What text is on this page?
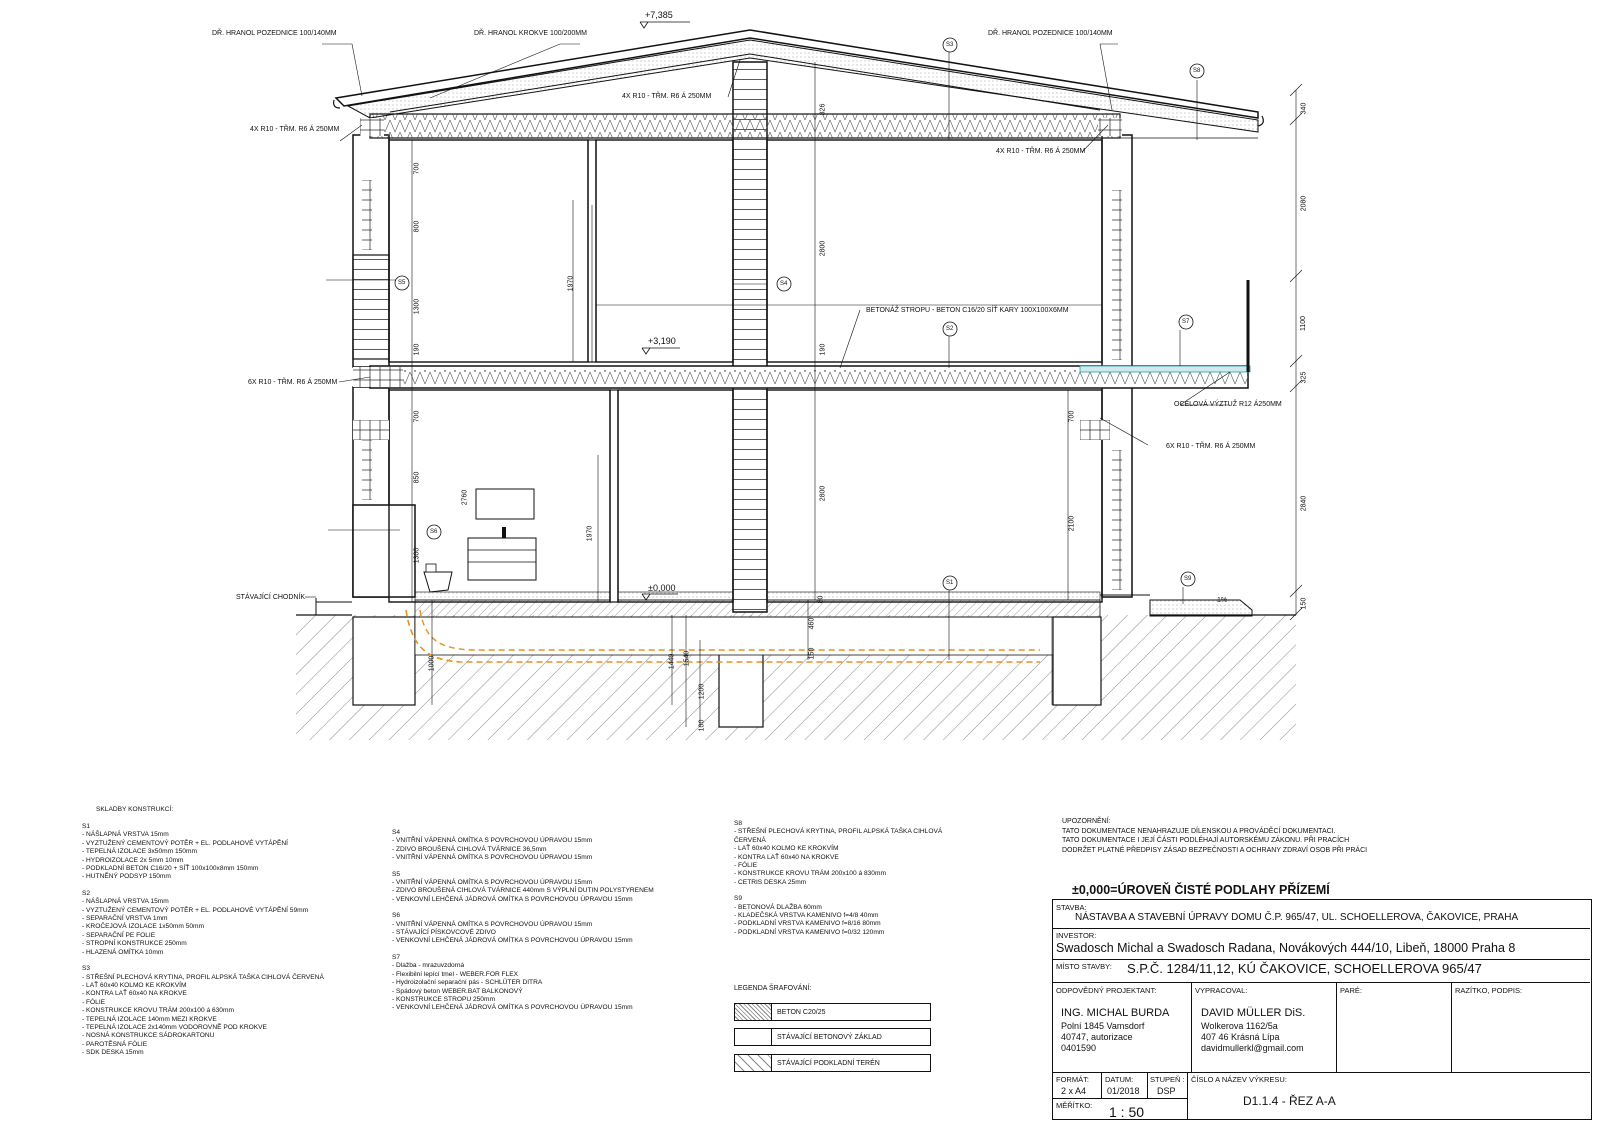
+7,385
+3,190
±0,000
DŘ. HRANOL POZEDNICE 100/140MM	DŘ. HRANOL KROKVE 100/200MM	DŘ. HRANOL POZEDNICE 100/140MM
4X R10 - TŘM. R6 Á 250MM
4X R10 - TŘM. R6 Á 250MM
4X R10 - TŘM. R6 Á 250MM
6X R10 - TŘM. R6 Á 250MM
6X R10 - TŘM. R6 Á 250MM
BETONÁŽ STROPU - BETON C16/20 SÍŤ KARY 100X100X6MM
OCELOVÁ VÝZTUŽ R12 Á250MM
STÁVAJÍCÍ CHODNÍK	1%
S3
S8
S4
S5
S7
S2
S6
S1
S9
340
2080
1100
325
2840
150
326
2800
190
2800
80
700
800
1300
190
1970
700
850
2760
1300
1970
700
2100
1000	1440 1540
1200
100
150
460
SKLADBY KONSTRUKCÍ:
S1
- NÁŠLAPNÁ VRSTVA 15mm
- VYZTUŽENÝ CEMENTOVÝ POTĚR + EL. PODLAHOVÉ VYTÁPĚNÍ
- TEPELNÁ IZOLACE 3x50mm 150mm
- HYDROIZOLACE 2x 5mm 10mm
- PODKLADNÍ BETON C16/20 + SÍŤ 100x100x8mm 150mm
- HUTNĚNÝ PODSYP 150mm
S2
- NÁŠLAPNÁ VRSTVA 15mm
- VYZTUŽENÝ CEMENTOVÝ POTĚR + EL. PODLAHOVÉ VYTÁPĚNÍ 59mm
- SEPARAČNÍ VRSTVA 1mm
- KROČEJOVÁ IZOLACE 1x50mm 50mm
- SEPARAČNÍ PE FOLIE
- STROPNÍ KONSTRUKCE 250mm
- HLAZENÁ OMÍTKA 10mm
S3
- STŘEŠNÍ PLECHOVÁ KRYTINA, PROFIL ALPSKÁ TAŠKA CIHLOVÁ ČERVENÁ
- LAŤ 60x40 KOLMO KE KROKVÍM
- KONTRA LAŤ 60x40 NA KROKVE
- FÓLIE
- KONSTRUKCE KROVU TRÁM 200x100 á 630mm
- TEPELNÁ IZOLACE 140mm MEZI KROKVE
- TEPELNÁ IZOLACE 2x140mm VODOROVNĚ POD KROKVE
- NOSNÁ KONSTRUKCE SÁDROKARTONU
- PAROTĚSNÁ FÓLIE
- SDK DESKA 15mm
S4
- VNITŘNÍ VÁPENNÁ OMÍTKA S POVRCHOVOU ÚPRAVOU 15mm
- ZDIVO BROUŠENÁ CIHLOVÁ TVÁRNICE 36,5mm
- VNITŘNÍ VÁPENNÁ OMÍTKA S POVRCHOVOU ÚPRAVOU 15mm
S5
- VNITŘNÍ VÁPENNÁ OMÍTKA S POVRCHOVOU ÚPRAVOU 15mm
- ZDIVO BROUŠENÁ CIHLOVÁ TVÁRNICE 440mm S VÝPLNÍ DUTIN POLYSTYRENEM
- VENKOVNÍ LEHČENÁ JÁDROVÁ OMÍTKA S POVRCHOVOU ÚPRAVOU 15mm
S6
- VNITŘNÍ VÁPENNÁ OMÍTKA S POVRCHOVOU ÚPRAVOU 15mm
- STÁVAJÍCÍ PÍSKOVCOVÉ ZDIVO
- VENKOVNÍ LEHČENÁ JÁDROVÁ OMÍTKA S POVRCHOVOU ÚPRAVOU 15mm
S7
- Dlažba - mrazuvzdorná
- Flexibilní lepící tmel - WEBER.FOR FLEX
- Hydroizolační separační pás - SCHLÜTER DITRA
- Spádový beton WEBER.BAT BALKONOVÝ
- KONSTRUKCE STROPU 250mm
- VENKOVNÍ LEHČENÁ JÁDROVÁ OMÍTKA S POVRCHOVOU ÚPRAVOU 15mm
S8
- STŘEŠNÍ PLECHOVÁ KRYTINA, PROFIL ALPSKÁ TAŠKA CIHLOVÁ
ČERVENÁ
- LAŤ 60x40 KOLMO KE KROKVÍM
- KONTRA LAŤ 60x40 NA KROKVE
- FÓLIE
- KONSTRUKCE KROVU TRÁM 200x100 á 830mm
- CETRIS DESKA 25mm
S9
- BETONOVÁ DLAŽBA 60mm
- KLADEČSKÁ VRSTVA KAMENIVO f=4/8 40mm
- PODKLADNÍ VRSTVA KAMENIVO f=8/16 80mm
- PODKLADNÍ VRSTVA KAMENIVO f=0/32 120mm
LEGENDA ŠRAFOVÁNÍ:
BETON C20/25
STÁVAJÍCÍ BETONOVÝ ZÁKLAD
STÁVAJÍCÍ PODKLADNÍ TERÉN
UPOZORNĚNÍ:
TATO DOKUMENTACE NENAHRAZUJE DÍLENSKOU A PROVÁDĚCÍ DOKUMENTACI.
TATO DOKUMENTACE I JEJÍ ČÁSTI PODLÉHAJÍ AUTORSKÉMU ZÁKONU. PŘI PRACÍCH
DODRŽET PLATNÉ PŘEDPISY ZÁSAD BEZPEČNOSTI A OCHRANY ZDRAVÍ OSOB PŘI PRÁCI
±0,000=ÚROVEŇ ČISTÉ PODLAHY PŘÍZEMÍ
STAVBA:
NÁSTAVBA A STAVEBNÍ ÚPRAVY DOMU Č.P. 965/47, UL. SCHOELLEROVA, ČAKOVICE, PRAHA
INVESTOR:
Swadosch Michal a Swadosch Radana, Novákových 444/10, Libeň, 18000 Praha 8
MÍSTO STAVBY: S.P.Č. 1284/11,12, KÚ ČAKOVICE, SCHOELLEROVA 965/47
ODPOVĚDNÝ PROJEKTANT:
ING. MICHAL BURDA
Polní 1845 Vamsdorf
40747, autorizace
0401590
VYPRACOVAL:
DAVID MÜLLER DiS.
Wolkerova 1162/5a
407 46 Krásná Lípa
davidmullerkl@gmail.com
PARÉ:	RAZÍTKO, PODPIS:
FORMÁT:
2 x A4
DATUM:
01/2018
STUPEŇ :
DSP
ČÍSLO A NÁZEV VÝKRESU:
D1.1.4 - ŘEZ A-A
MĚŘÍTKO: 1 : 50
